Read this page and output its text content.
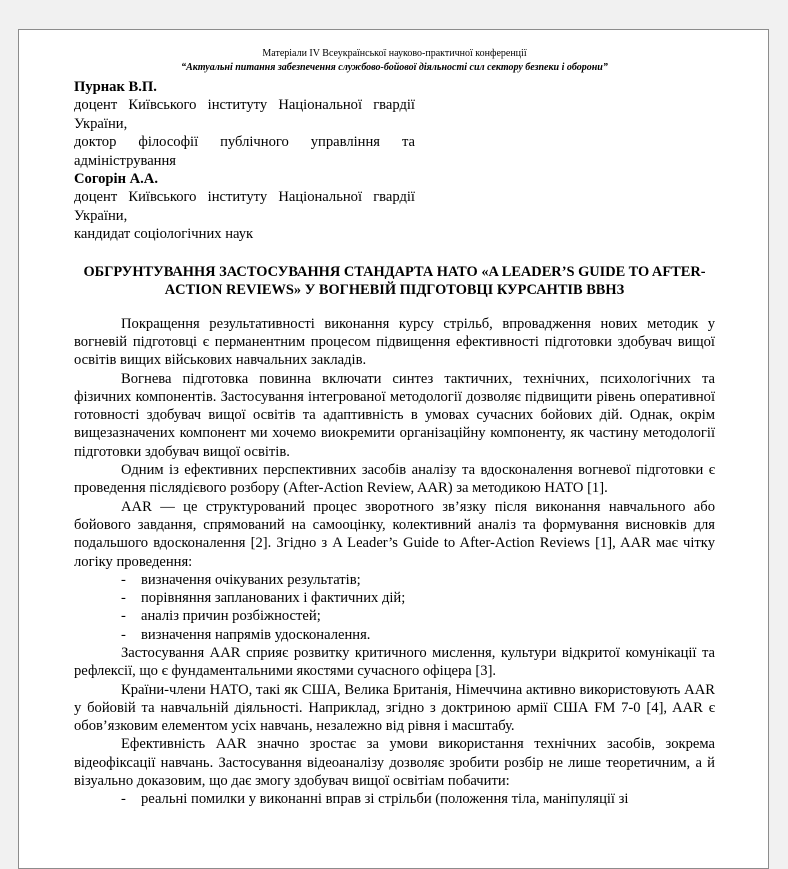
Матеріали IV Всеукраїнської науково-практичної конференції
“Актуальні питання забезпечення службово-бойової діяльності сил сектору безпеки і оборони”

Пурнак В.П.

доцент Київського інституту Національної гвардії України,

доктор філософії публічного управління та адміністрування

Согорін А.А.

доцент Київського інституту Національної гвардії України,

кандидат соціологічних наук

ОБГРУНТУВАННЯ ЗАСТОСУВАННЯ СТАНДАРТА НАТО «A LEADER’S GUIDE TO AFTER-ACTION REVIEWS» У ВОГНЕВІЙ ПІДГОТОВЦІ КУРСАНТІВ ВВНЗ

Покращення результативності виконання курсу стрільб, впровадження нових методик у вогневій підготовці є перманентним процесом підвищення ефективності підготовки здобувач вищої освітів вищих військових навчальних закладів.

Вогнева підготовка повинна включати синтез тактичних, технічних, психологічних та фізичних компонентів. Застосування інтегрованої методології дозволяє підвищити рівень оперативної готовності здобувач вищої освітів та адаптивність в умовах сучасних бойових дій. Однак, окрім вищезазначених компонент ми хочемо виокремити організаційну компоненту, як частину методології підготовки здобувач вищої освітів.

Одним із ефективних перспективних засобів аналізу та вдосконалення вогневої підготовки є проведення післядієвого розбору (After-Action Review, AAR) за методикою НАТО [1].

AAR — це структурований процес зворотного зв’язку після виконання навчального або бойового завдання, спрямований на самооцінку, колективний аналіз та формування висновків для подальшого вдосконалення [2]. Згідно з A Leader’s Guide to After-Action Reviews [1], AAR має чітку логіку проведення:

- визначення очікуваних результатів;
- порівняння запланованих і фактичних дій;
- аналіз причин розбіжностей;
- визначення напрямів удосконалення.

Застосування AAR сприяє розвитку критичного мислення, культури відкритої комунікації та рефлексії, що є фундаментальними якостями сучасного офіцера [3].

Країни-члени НАТО, такі як США, Велика Британія, Німеччина активно використовують AAR у бойовій та навчальній діяльності. Наприклад, згідно з доктриною армії США FM 7-0 [4], AAR є обов’язковим елементом усіх навчань, незалежно від рівня і масштабу.

Ефективність AAR значно зростає за умови використання технічних засобів, зокрема відеофіксації навчань. Застосування відеоаналізу дозволяє зробити розбір не лише теоретичним, а й візуально доказовим, що дає змогу здобувач вищої освітіам побачити:

- реальні помилки у виконанні вправ зі стрільби (положення тіла, маніпуляції зі
